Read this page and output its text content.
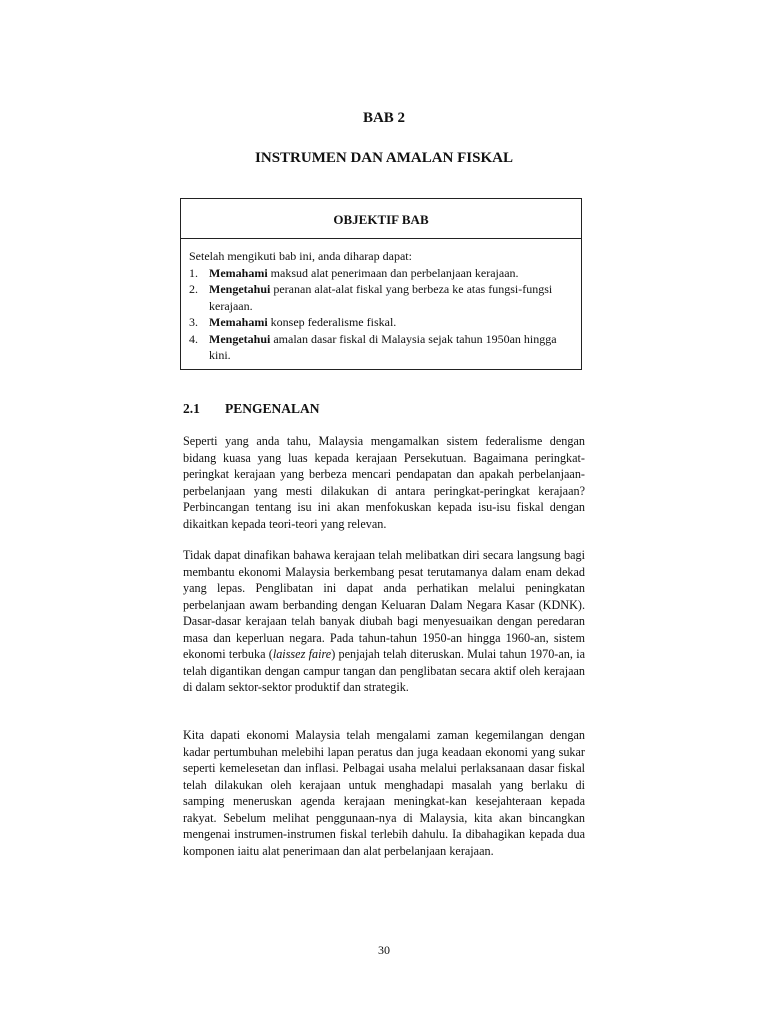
BAB 2
INSTRUMEN DAN AMALAN FISKAL
OBJEKTIF BAB
Setelah mengikuti bab ini, anda diharap dapat:
1. Memahami maksud alat penerimaan dan perbelanjaan kerajaan.
2. Mengetahui peranan alat-alat fiskal yang berbeza ke atas fungsi-fungsi kerajaan.
3. Memahami konsep federalisme fiskal.
4. Mengetahui amalan dasar fiskal di Malaysia sejak tahun 1950an hingga kini.
2.1 PENGENALAN

Seperti yang anda tahu, Malaysia mengamalkan sistem federalisme dengan bidang kuasa yang luas kepada kerajaan Persekutuan. Bagaimana peringkat-peringkat kerajaan yang berbeza mencari pendapatan dan apakah perbelanjaan-perbelanjaan yang mesti dilakukan di antara peringkat-peringkat kerajaan? Perbincangan tentang isu ini akan menfokuskan kepada isu-isu fiskal dengan dikaitkan kepada teori-teori yang relevan.

Tidak dapat dinafikan bahawa kerajaan telah melibatkan diri secara langsung bagi membantu ekonomi Malaysia berkembang pesat terutamanya dalam enam dekad yang lepas. Penglibatan ini dapat anda perhatikan melalui peningkatan perbelanjaan awam berbanding dengan Keluaran Dalam Negara Kasar (KDNK). Dasar-dasar kerajaan telah banyak diubah bagi menyesuaikan dengan peredaran masa dan keperluan negara. Pada tahun-tahun 1950-an hingga 1960-an, sistem ekonomi terbuka (laissez faire) penjajah telah diteruskan. Mulai tahun 1970-an, ia telah digantikan dengan campur tangan dan penglibatan secara aktif oleh kerajaan di dalam sektor-sektor produktif dan strategik.

Kita dapati ekonomi Malaysia telah mengalami zaman kegemilangan dengan kadar pertumbuhan melebihi lapan peratus dan juga keadaan ekonomi yang sukar seperti kemelesetan dan inflasi. Pelbagai usaha melalui perlaksanaan dasar fiskal telah dilakukan oleh kerajaan untuk menghadapi masalah yang berlaku di samping meneruskan agenda kerajaan meningkat-kan kesejahteraan kepada rakyat. Sebelum melihat penggunaan-nya di Malaysia, kita akan bincangkan mengenai instrumen-instrumen fiskal terlebih dahulu. Ia dibahagikan kepada dua komponen iaitu alat penerimaan dan alat perbelanjaan kerajaan.

30
